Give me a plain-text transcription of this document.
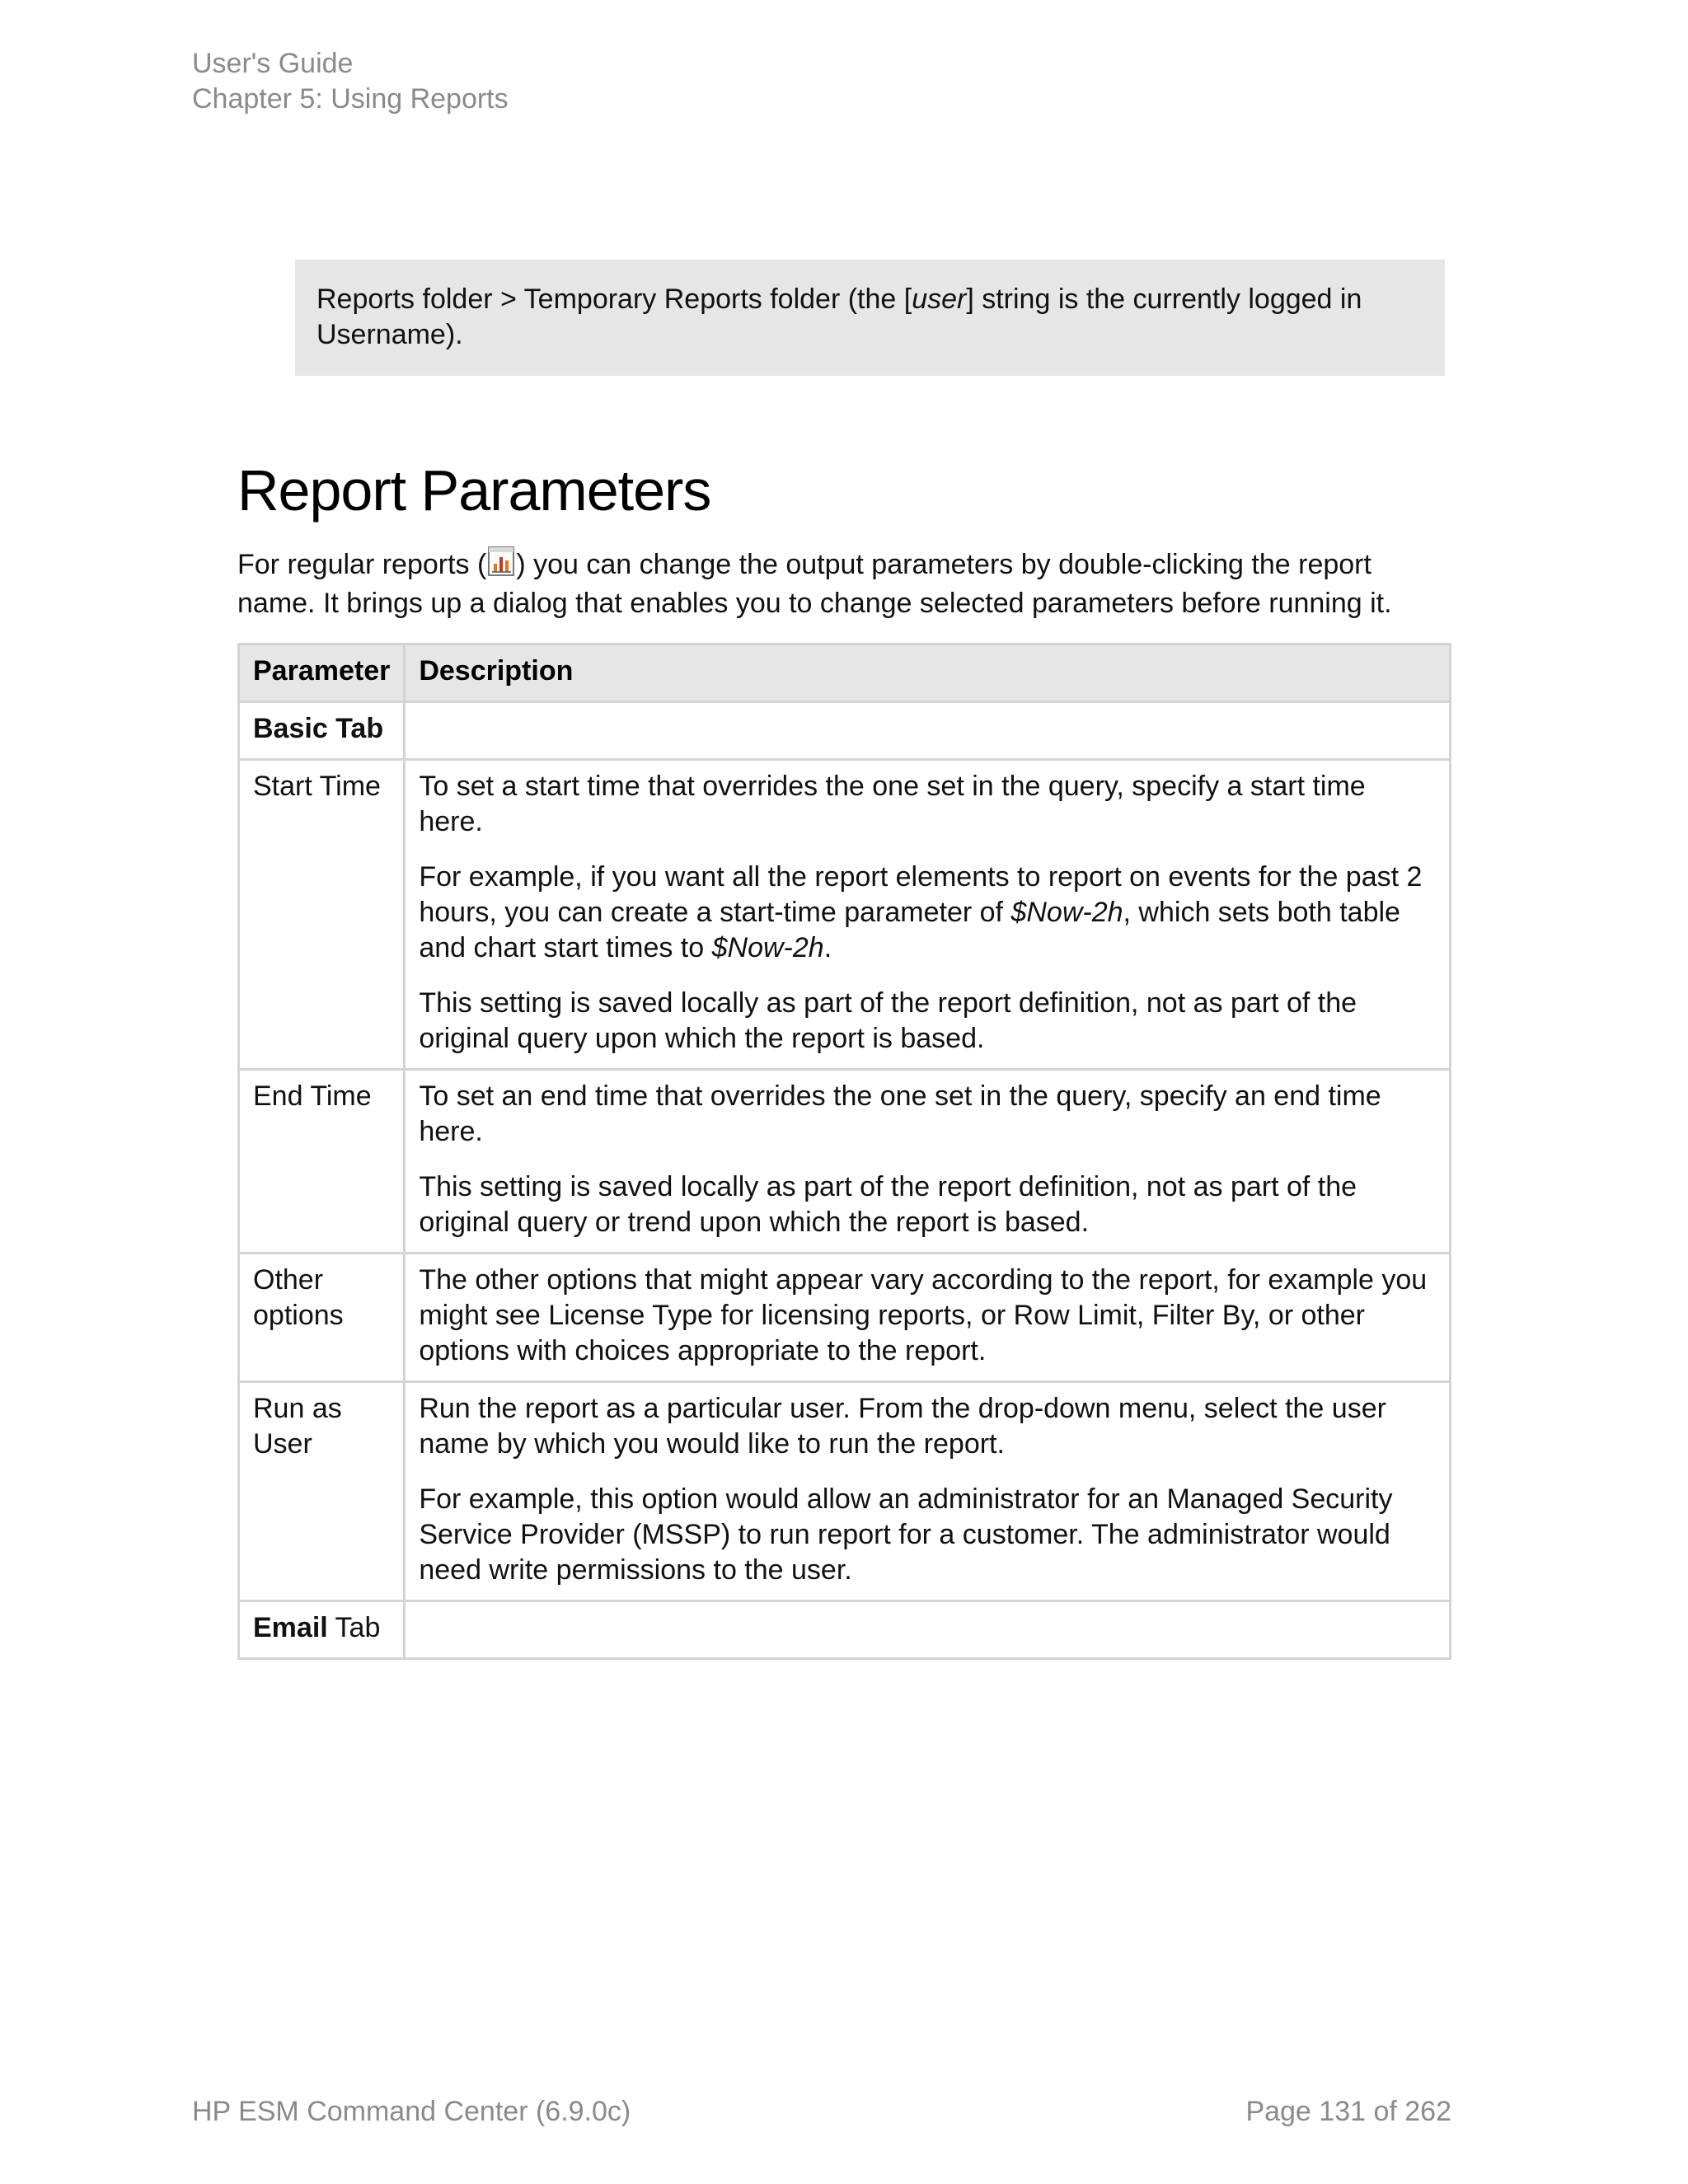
User's Guide
Chapter 5: Using Reports
Reports folder > Temporary Reports folder (the [user] string is the currently logged in Username).
Report Parameters
For regular reports ( ) you can change the output parameters by double-clicking the report name. It brings up a dialog that enables you to change selected parameters before running it.
Parameter	Description
Basic Tab	
Start Time	To set a start time that overrides the one set in the query, specify a start time here.
For example, if you want all the report elements to report on events for the past 2 hours, you can create a start-time parameter of $Now-2h, which sets both table and chart start times to $Now-2h.
This setting is saved locally as part of the report definition, not as part of the original query upon which the report is based.

End Time	To set an end time that overrides the one set in the query, specify an end time here.
This setting is saved locally as part of the report definition, not as part of the original query or trend upon which the report is based.

Other options	The other options that might appear vary according to the report, for example you might see License Type for licensing reports, or Row Limit, Filter By, or other options with choices appropriate to the report.

Run as User	Run the report as a particular user. From the drop-down menu, select the user name by which you would like to run the report.
For example, this option would allow an administrator for an Managed Security Service Provider (MSSP) to run report for a customer. The administrator would need write permissions to the user.

Email Tab	
HP ESM Command Center (6.9.0c)	Page 131 of 262
